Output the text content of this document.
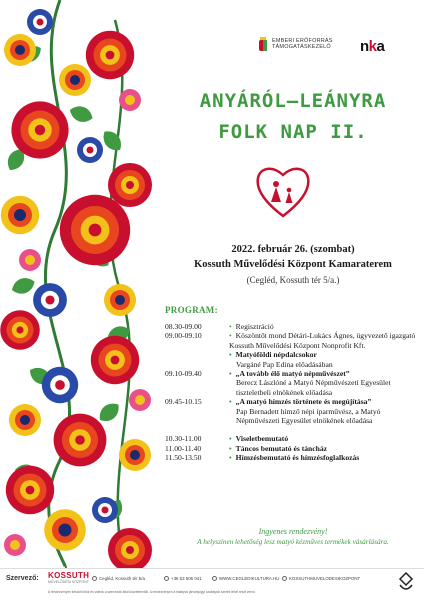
EMBERI ERŐFORRÁS
TÁMOGATÁSKEZELŐ nka
ANYÁRÓL–LEÁNYRA
FOLK NAP II.
2022. február 26. (szombat)
Kossuth Művelődési Központ Kamaraterem
(Cegléd, Kossuth tér 5/a.)
PROGRAM:
08.30-09.00	• Regisztráció
09.00-09.10	• Köszöntőt mond Détári-Lukács Ágnes, ügyvezető igazgató Kossuth Művelődési Központ Nonprofit Kft.
• Matyóföldi népdalcsokor
Vargáné Pap Edina előadásában
09.10-09.40	• „A tovább élő matyó népművészet”
Berecz Lászlóné a Matyó Népművészeti Egyesület tiszteletbeli elnökének előadása
09.45-10.15	• „A matyó hímzés története és megújítása”
Pap Bernadett hímző népi iparművész, a Matyó Népművészeti Egyesület elnökének előadása
10.30-11.00	• Viseletbemutató
11.00-11.40	• Táncos bemutató és táncház
11.50-13.50	• Hímzésbemutató és hímzésfoglalkozás
Ingyenes rendezvény!
A helyszínen lehetőség lesz matyó kézműves termékek vásárlására.
Szervező: KOSSUTH
MŰVELŐDÉSI KÖZPONT
Cegléd, Kossuth tér 5/a	+36 53 505 041	WWW.CEGLEDIKULTURA.HU KOSSUTHMUVELODESIKOZPONT
A rendezvényen készült fotók és videók a szervezők által közzétehetők. A rendezvényen a hatályos járványügyi szabályok szerint lehet részt venni.
